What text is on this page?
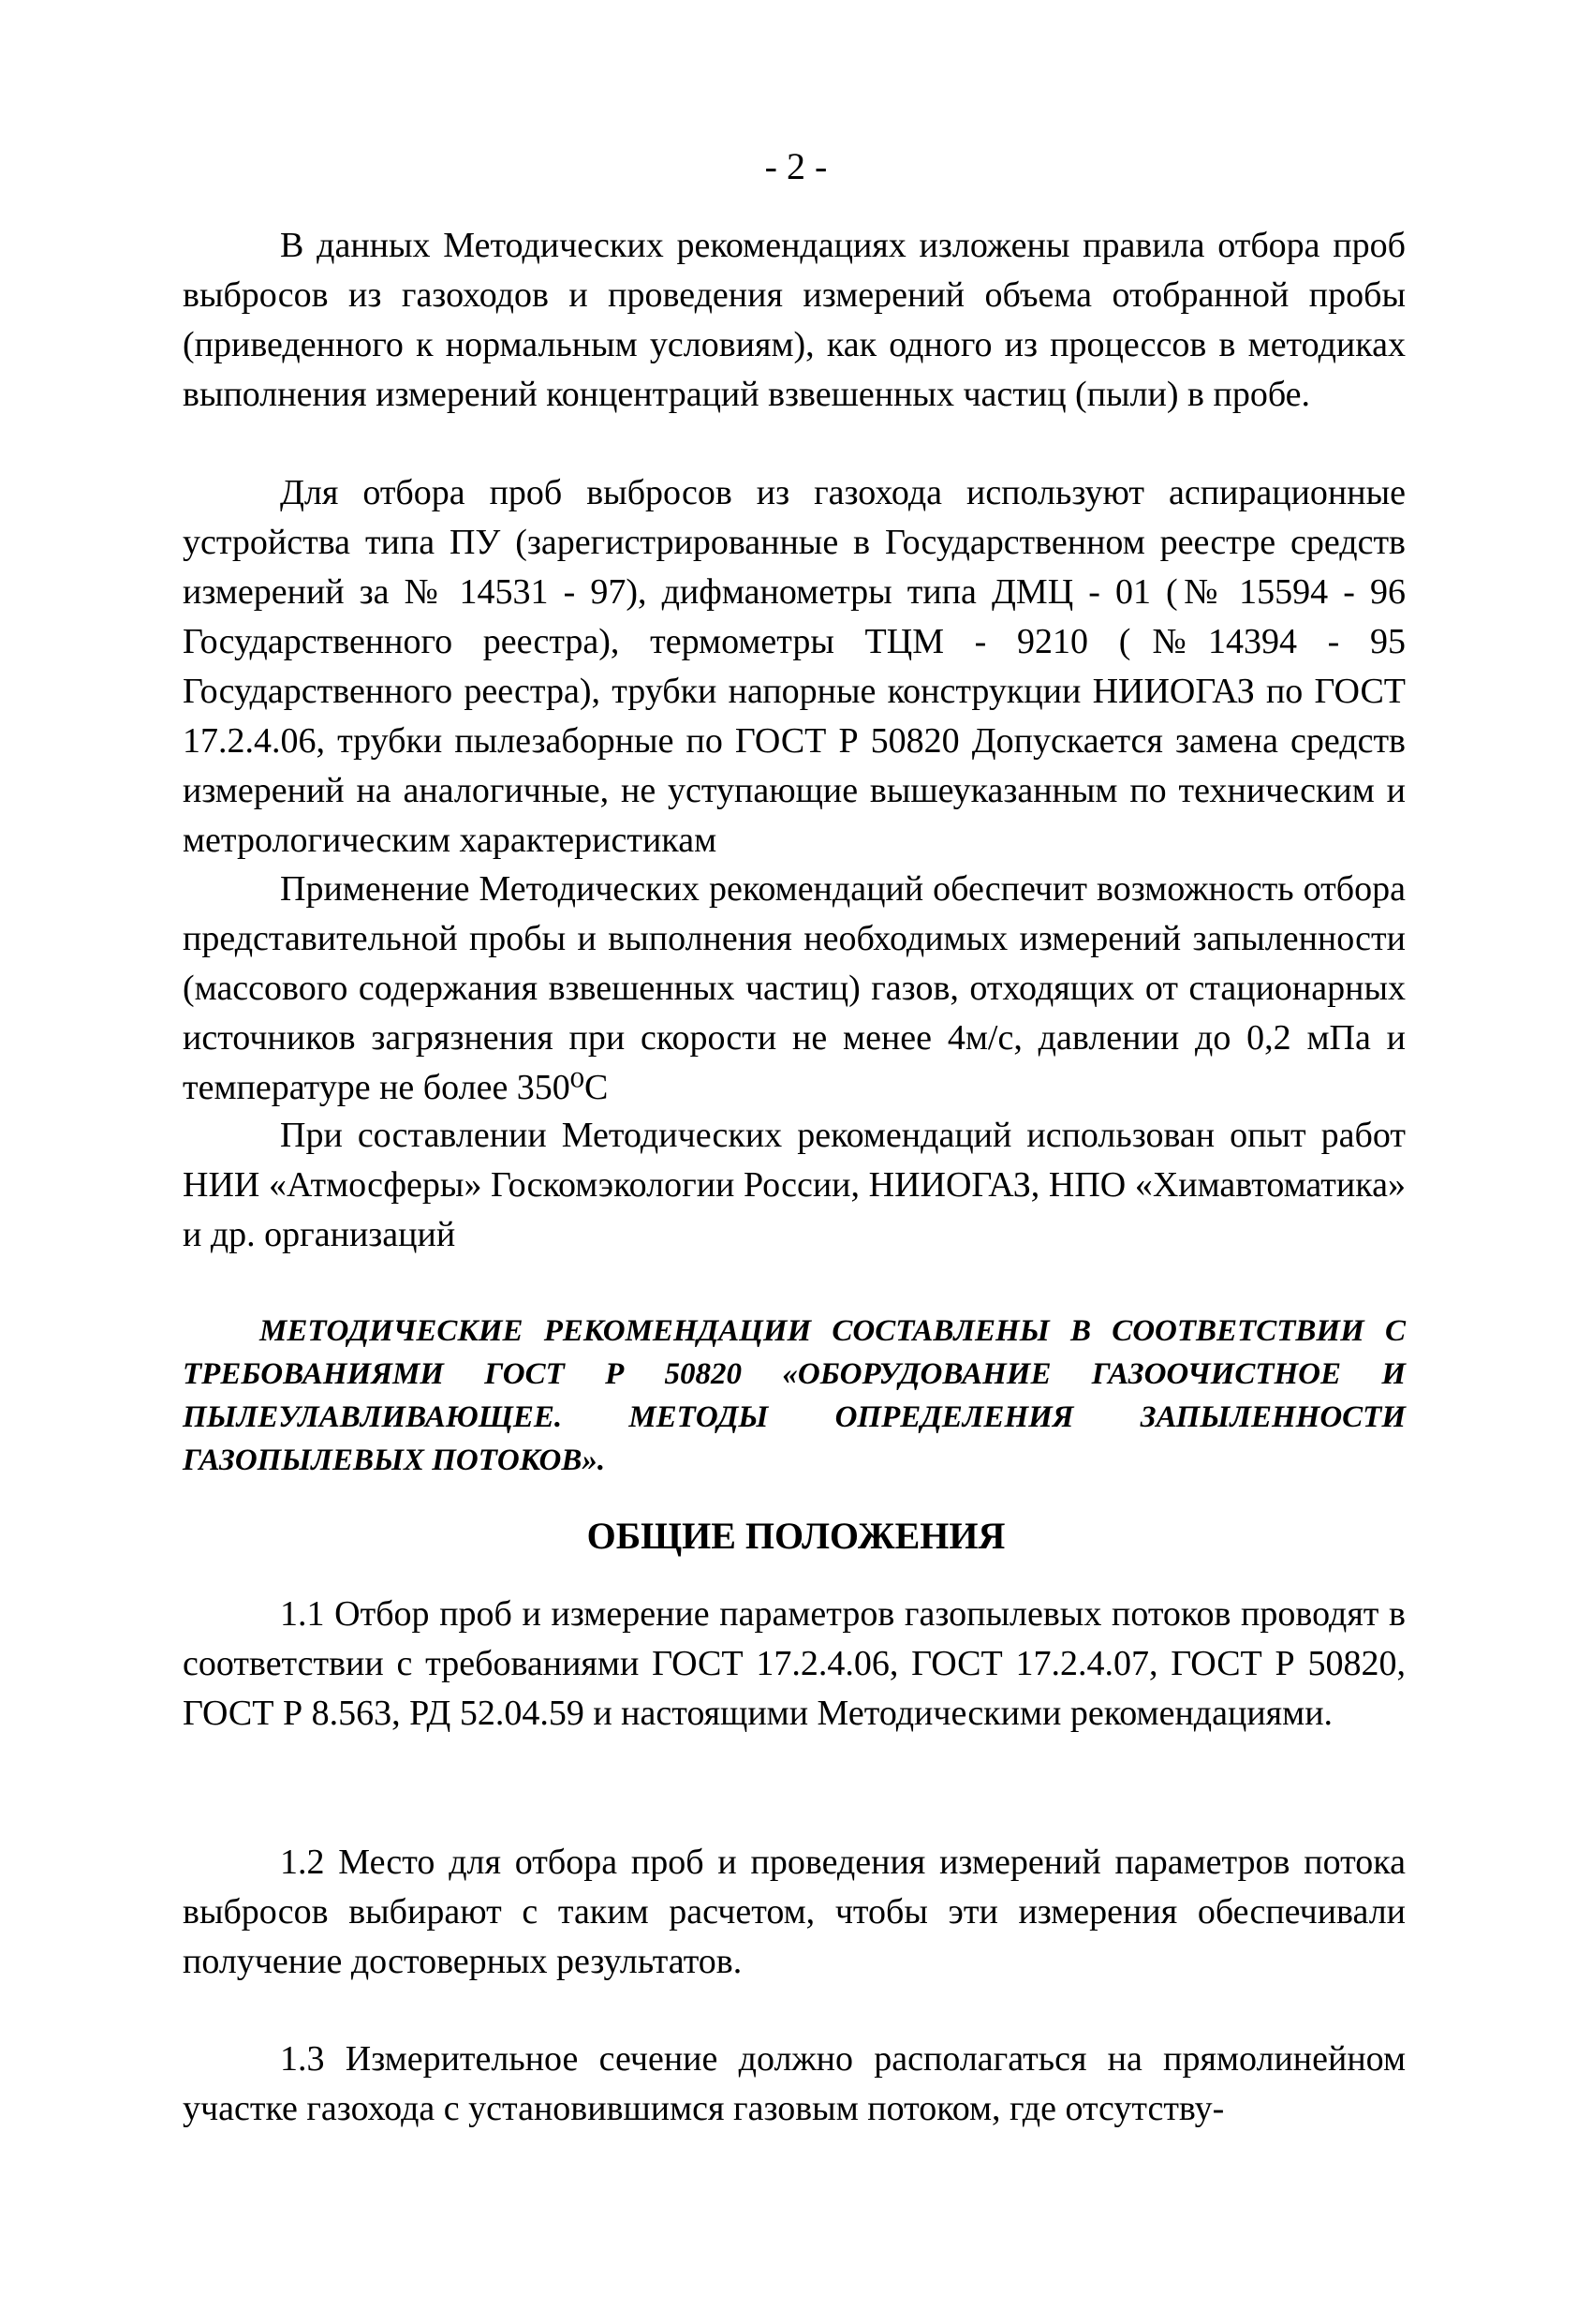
- 2 -

В данных Методических рекомендациях изложены правила отбора проб выбросов из газоходов и проведения измерений объема отобранной пробы (приведенного к нормальным условиям), как одного из процессов в методиках выполнения измерений концентраций взвешенных частиц (пыли) в пробе.

Для отбора проб выбросов из газохода используют аспирационные устройства типа ПУ (зарегистрированные в Государственном реестре средств измерений за № 14531 - 97), дифманометры типа ДМЦ - 01 (№ 15594 - 96 Государственного реестра), термометры ТЦМ - 9210 (№14394 - 95 Государственного реестра), трубки напорные конструкции НИИОГАЗ по ГОСТ 17.2.4.06, трубки пылезаборные по ГОСТ Р 50820 Допускается замена средств измерений на аналогичные, не уступающие вышеуказанным по техническим и метрологическим характеристикам

Применение Методических рекомендаций обеспечит возможность отбора представительной пробы и выполнения необходимых измерений запыленности (массового содержания взвешенных частиц) газов, отходящих от стационарных источников загрязнения при скорости не менее 4м/с, давлении до 0,2 мПа и температуре не более 350⁰С

При составлении Методических рекомендаций использован опыт работ НИИ «Атмосферы» Госкомэкологии России, НИИОГАЗ, НПО «Химавтоматика» и др. организаций

МЕТОДИЧЕСКИЕ РЕКОМЕНДАЦИИ СОСТАВЛЕНЫ В СООТВЕТСТВИИ С ТРЕБОВАНИЯМИ ГОСТ Р 50820 «ОБОРУДОВАНИЕ ГАЗООЧИСТНОЕ И ПЫЛЕУЛАВЛИВАЮЩЕЕ. МЕТОДЫ ОПРЕДЕЛЕНИЯ ЗАПЫЛЕННОСТИ ГАЗОПЫЛЕВЫХ ПОТОКОВ».

ОБЩИЕ ПОЛОЖЕНИЯ

1.1 Отбор проб и измерение параметров газопылевых потоков проводят в соответствии с требованиями ГОСТ 17.2.4.06, ГОСТ 17.2.4.07, ГОСТ Р 50820, ГОСТ Р 8.563, РД 52.04.59 и настоящими Методическими рекомендациями.

1.2 Место для отбора проб и проведения измерений параметров потока выбросов выбирают с таким расчетом, чтобы эти измерения обеспечивали получение достоверных результатов.

1.3 Измерительное сечение должно располагаться на прямолинейном участке газохода с установившимся газовым потоком, где отсутству-
